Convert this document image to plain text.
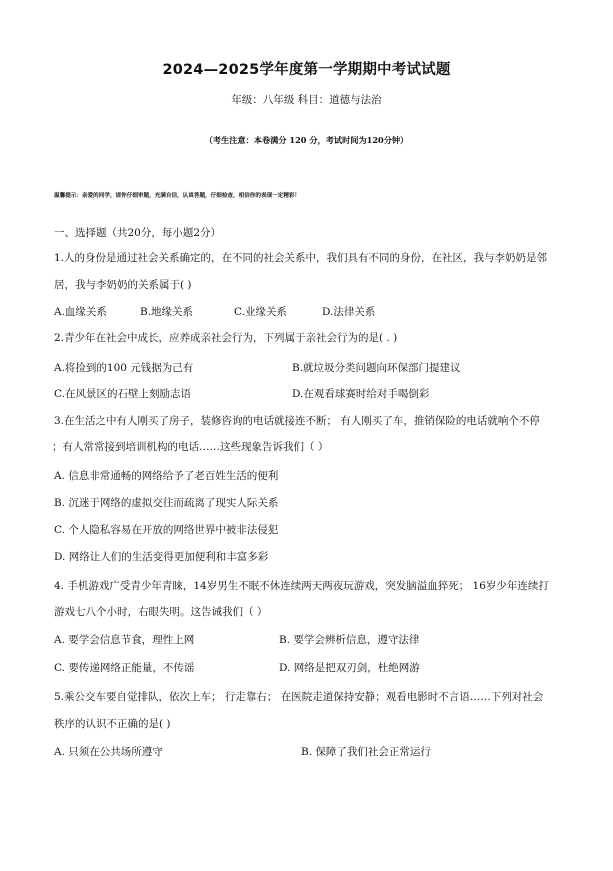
2024—2025学年度第一学期期中考试试题
年级：八年级 科目：道德与法治
（考生注意：本卷满分 120 分，考试时间为120分钟）
温馨提示：亲爱的同学，请你仔细审题，充满自信，认真答题，仔细检查，相信你的表现一定精彩！
一、选择题（共20分，每小题2分）
1.人的身份是通过社会关系确定的，在不同的社会关系中，我们具有不同的身份，在社区，我与李奶奶是邻
居，我与李奶奶的关系属于( )
A.血缘关系	B.地缘关系	C.业缘关系	D.法律关系
2.青少年在社会中成长，应养成亲社会行为，下列属于亲社会行为的是( . )
A.将捡到的100 元钱据为己有	B.就垃圾分类问题向环保部门提建议
C.在风景区的石壁上刻励志语	D.在观看球赛时给对手喝倒彩
3.在生活之中有人刚买了房子，装修咨询的电话就接连不断； 有人刚买了车，推销保险的电话就响个不停
；有人常常接到培训机构的电话……这些现象告诉我们（ ）
A. 信息非常通畅的网络给予了老百姓生活的便利
B. 沉迷于网络的虚拟交往而疏离了现实人际关系
C. 个人隐私容易在开放的网络世界中被非法侵犯
D. 网络让人们的生活变得更加便利和丰富多彩
4. 手机游戏广受青少年青睐，14岁男生不眠不休连续两天两夜玩游戏，突发脑溢血猝死； 16岁少年连续打
游戏七八个小时，右眼失明。这告诫我们（ ）
A. 要学会信息节食，理性上网	B. 要学会辨析信息，遵守法律
C. 要传递网络正能量，不传谣	D. 网络是把双刃剑，杜绝网游
5.乘公交车要自觉排队，依次上车； 行走靠右； 在医院走道保持安静；观看电影时不言语……下列对社会
秩序的认识不正确的是( )
A. 只须在公共场所遵守	B. 保障了我们社会正常运行
